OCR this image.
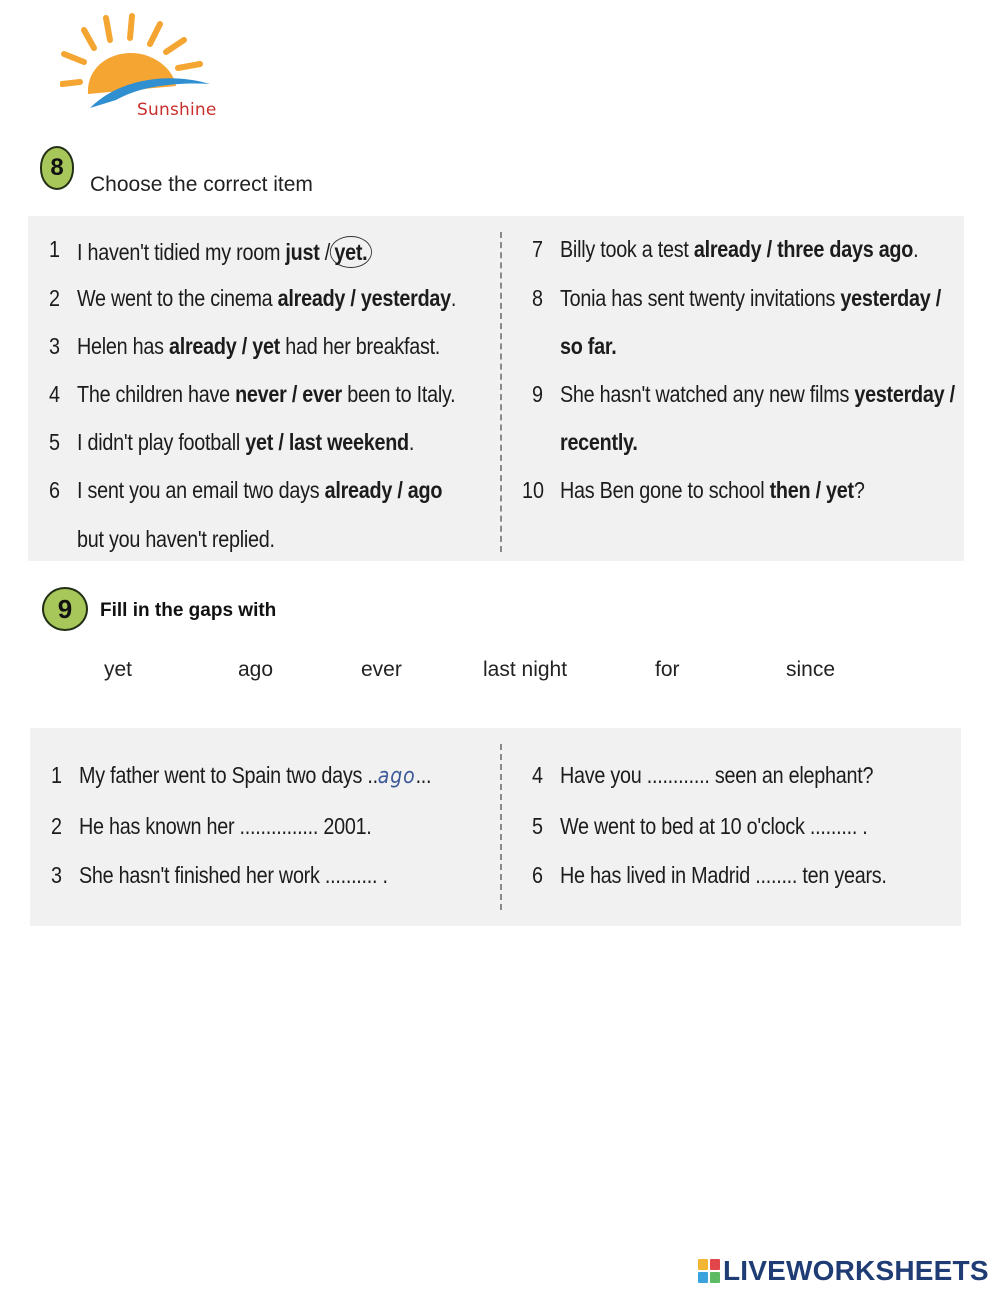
Sunshine
8
Choose the correct item
1 I haven't tidied my room just / yet.
2 We went to the cinema already / yesterday.
3 Helen has already / yet had her breakfast.
4 The children have never / ever been to Italy.
5 I didn't play football yet / last weekend.
6 I sent you an email two days already / ago
but you haven't replied.
7 Billy took a test already / three days ago.
8 Tonia has sent twenty invitations yesterday /
so far.
9 She hasn't watched any new films yesterday /
recently.
10 Has Ben gone to school then / yet?
9	Fill in the gaps with
yet	ago	ever	last night	for	since
1 My father went to Spain two days ..ago...
2 He has known her ............... 2001.
3 She hasn't finished her work .......... .
4 Have you ............ seen an elephant?
5 We went to bed at 10 o'clock ......... .
6 He has lived in Madrid ........ ten years.
LIVEWORKSHEETS
